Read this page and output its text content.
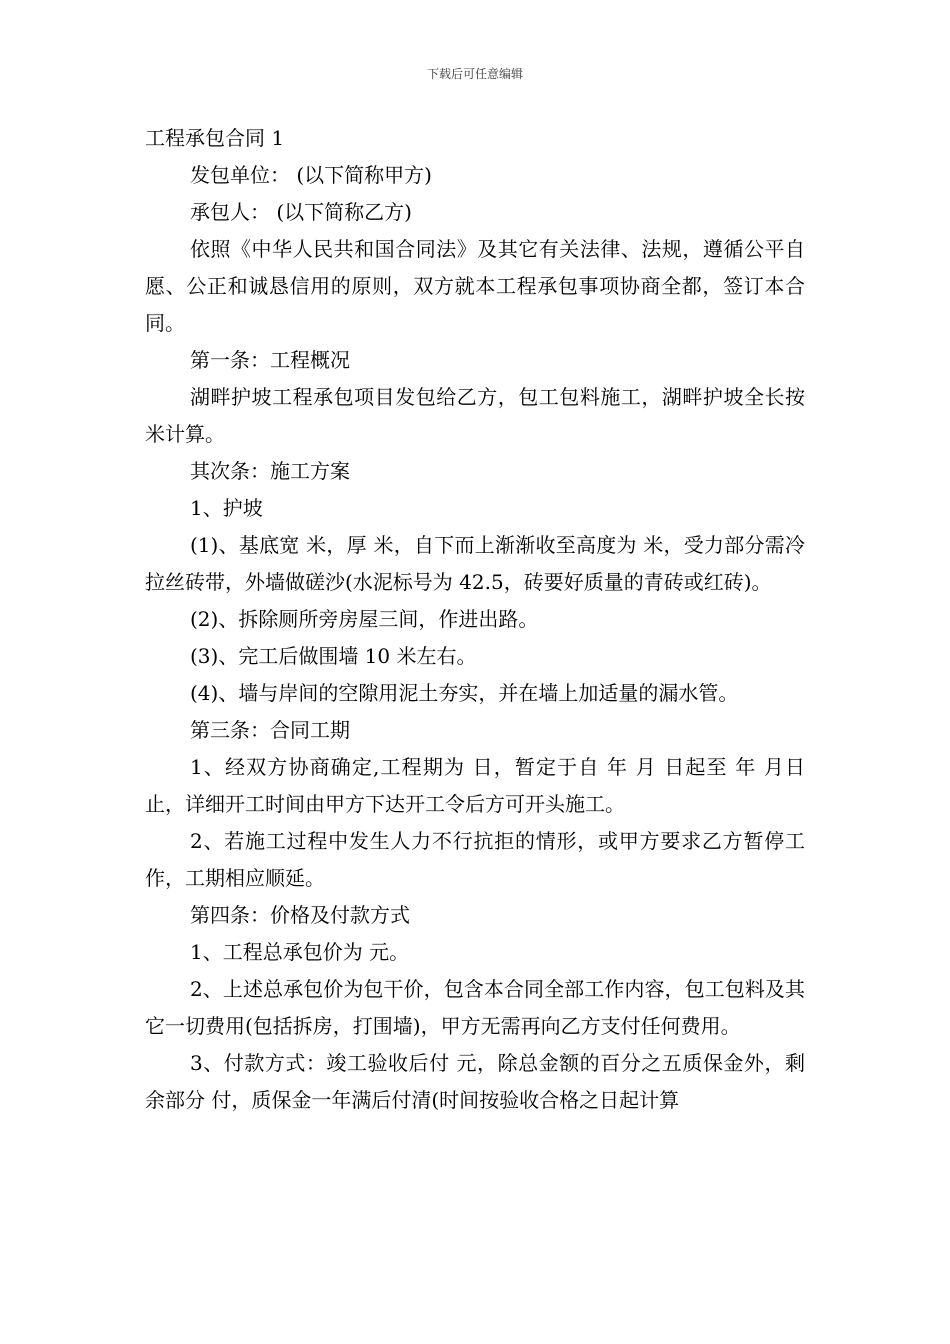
下载后可任意编辑

工程承包合同 1

发包单位： (以下简称甲方)

承包人： (以下简称乙方)

依照《中华人民共和国合同法》及其它有关法律、法规，遵循公平自愿、公正和诚恳信用的原则，双方就本工程承包事项协商全都，签订本合同。

第一条：工程概况

湖畔护坡工程承包项目发包给乙方，包工包料施工，湖畔护坡全长按 米计算。

其次条：施工方案

1、护坡

(1)、基底宽 米，厚 米，自下而上渐渐收至高度为 米，受力部分需冷拉丝砖带，外墙做磋沙(水泥标号为 42.5，砖要好质量的青砖或红砖)。

(2)、拆除厕所旁房屋三间，作进出路。

(3)、完工后做围墙 10 米左右。

(4)、墙与岸间的空隙用泥土夯实，并在墙上加适量的漏水管。

第三条：合同工期

1、经双方协商确定,工程期为 日，暂定于自 年 月 日起至 年 月日止，详细开工时间由甲方下达开工令后方可开头施工。

2、若施工过程中发生人力不行抗拒的情形，或甲方要求乙方暂停工作，工期相应顺延。

第四条：价格及付款方式

1、工程总承包价为 元。

2、上述总承包价为包干价，包含本合同全部工作内容，包工包料及其它一切费用(包括拆房，打围墙)，甲方无需再向乙方支付任何费用。

3、付款方式：竣工验收后付 元，除总金额的百分之五质保金外，剩余部分 付，质保金一年满后付清(时间按验收合格之日起计算
